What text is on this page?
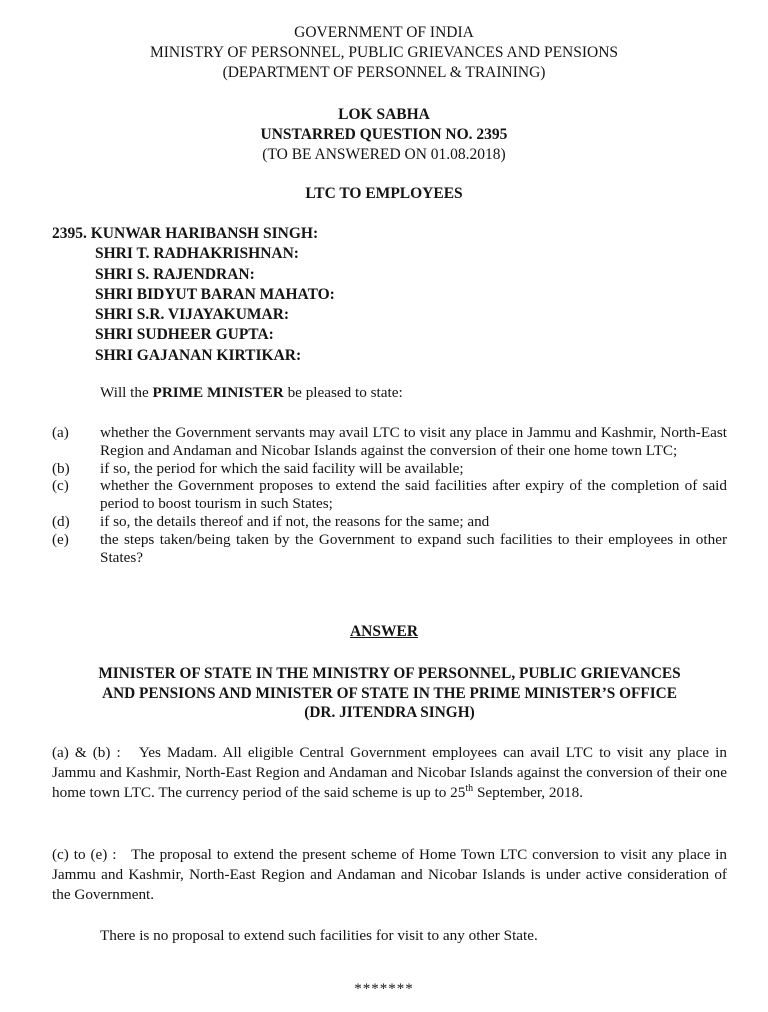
GOVERNMENT OF INDIA
MINISTRY OF PERSONNEL, PUBLIC GRIEVANCES AND PENSIONS
(DEPARTMENT OF PERSONNEL & TRAINING)
LOK SABHA
UNSTARRED QUESTION NO. 2395
(TO BE ANSWERED ON 01.08.2018)
LTC TO EMPLOYEES
2395. KUNWAR HARIBANSH SINGH:
SHRI T. RADHAKRISHNAN:
SHRI S. RAJENDRAN:
SHRI BIDYUT BARAN MAHATO:
SHRI S.R. VIJAYAKUMAR:
SHRI SUDHEER GUPTA:
SHRI GAJANAN KIRTIKAR:
Will the PRIME MINISTER be pleased to state:
(a) whether the Government servants may avail LTC to visit any place in Jammu and Kashmir, North-East Region and Andaman and Nicobar Islands against the conversion of their one home town LTC;
(b) if so, the period for which the said facility will be available;
(c) whether the Government proposes to extend the said facilities after expiry of the completion of said period to boost tourism in such States;
(d) if so, the details thereof and if not, the reasons for the same; and
(e) the steps taken/being taken by the Government to expand such facilities to their employees in other States?
ANSWER
MINISTER OF STATE IN THE MINISTRY OF PERSONNEL, PUBLIC GRIEVANCES
AND PENSIONS AND MINISTER OF STATE IN THE PRIME MINISTER’S OFFICE
(DR. JITENDRA SINGH)
(a) & (b) : Yes Madam. All eligible Central Government employees can avail LTC to visit any place in Jammu and Kashmir, North-East Region and Andaman and Nicobar Islands against the conversion of their one home town LTC. The currency period of the said scheme is up to 25th September, 2018.
(c) to (e) : The proposal to extend the present scheme of Home Town LTC conversion to visit any place in Jammu and Kashmir, North-East Region and Andaman and Nicobar Islands is under active consideration of the Government.
There is no proposal to extend such facilities for visit to any other State.
*******
